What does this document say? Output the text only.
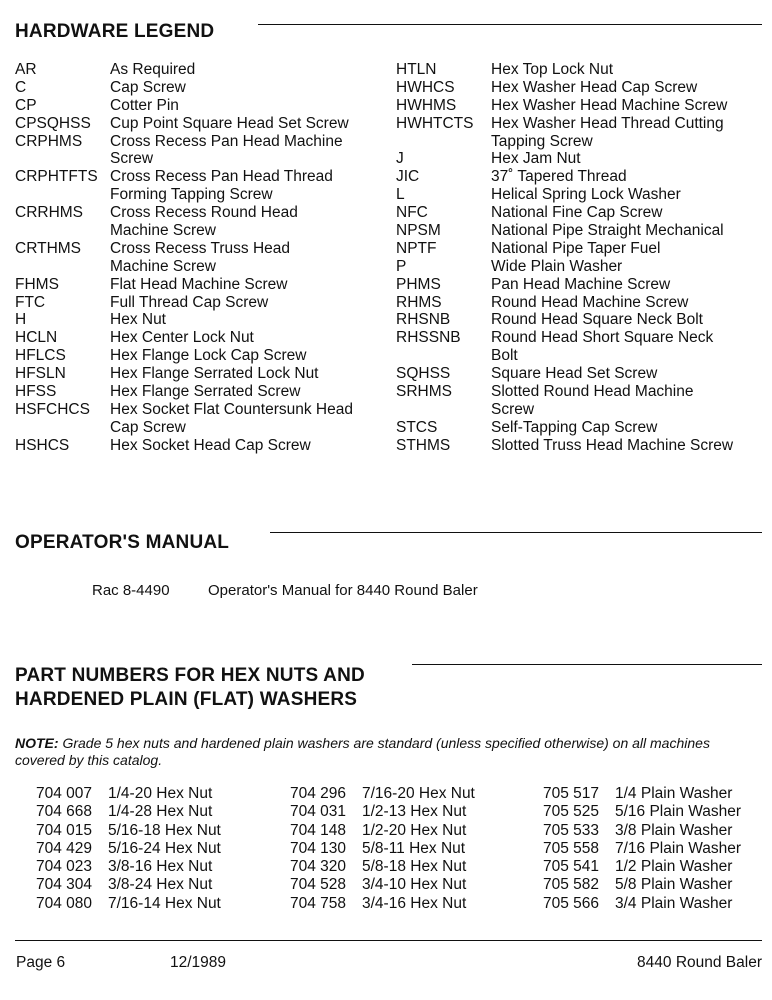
HARDWARE LEGEND
AR	As Required
C	Cap Screw
CP	Cotter Pin
CPSQHSS Cup Point Square Head Set Screw
CRPHMS Cross Recess Pan Head Machine
Screw
CRPHTFTS Cross Recess Pan Head Thread
Forming Tapping Screw
CRRHMS Cross Recess Round Head
Machine Screw
CRTHMS Cross Recess Truss Head
Machine Screw
FHMS	Flat Head Machine Screw
FTC	Full Thread Cap Screw
H	Hex Nut
HCLN	Hex Center Lock Nut
HFLCS	Hex Flange Lock Cap Screw
HFSLN	Hex Flange Serrated Lock Nut
HFSS	Hex Flange Serrated Screw
HSFCHCS Hex Socket Flat Countersunk Head
Cap Screw
HSHCS	Hex Socket Head Cap Screw
HTLN	Hex Top Lock Nut
HWHCS Hex Washer Head Cap Screw
HWHMS Hex Washer Head Machine Screw
HWHTCTS Hex Washer Head Thread Cutting
Tapping Screw
J	Hex Jam Nut
JIC	37˚ Tapered Thread
L	Helical Spring Lock Washer
NFC	National Fine Cap Screw
NPSM	National Pipe Straight Mechanical
NPTF	National Pipe Taper Fuel
P	Wide Plain Washer
PHMS	Pan Head Machine Screw
RHMS	Round Head Machine Screw
RHSNB	Round Head Square Neck Bolt
RHSSNB Round Head Short Square Neck
Bolt
SQHSS	Square Head Set Screw
SRHMS	Slotted Round Head Machine
Screw
STCS	Self-Tapping Cap Screw
STHMS	Slotted Truss Head Machine Screw
OPERATOR'S MANUAL
Rac 8-4490	Operator's Manual for 8440 Round Baler
PART NUMBERS FOR HEX NUTS AND
HARDENED PLAIN (FLAT) WASHERS
NOTE: Grade 5 hex nuts and hardened plain washers are standard (unless specified otherwise) on all machines covered by this catalog.
704 007 1/4-20 Hex Nut
704 668 1/4-28 Hex Nut
704 015 5/16-18 Hex Nut
704 429 5/16-24 Hex Nut
704 023 3/8-16 Hex Nut
704 304 3/8-24 Hex Nut
704 080 7/16-14 Hex Nut
704 296 7/16-20 Hex Nut
704 031 1/2-13 Hex Nut
704 148 1/2-20 Hex Nut
704 130 5/8-11 Hex Nut
704 320 5/8-18 Hex Nut
704 528 3/4-10 Hex Nut
704 758 3/4-16 Hex Nut
705 517 1/4 Plain Washer
705 525 5/16 Plain Washer
705 533 3/8 Plain Washer
705 558 7/16 Plain Washer
705 541 1/2 Plain Washer
705 582 5/8 Plain Washer
705 566 3/4 Plain Washer
Page 6	12/1989	8440 Round Baler
